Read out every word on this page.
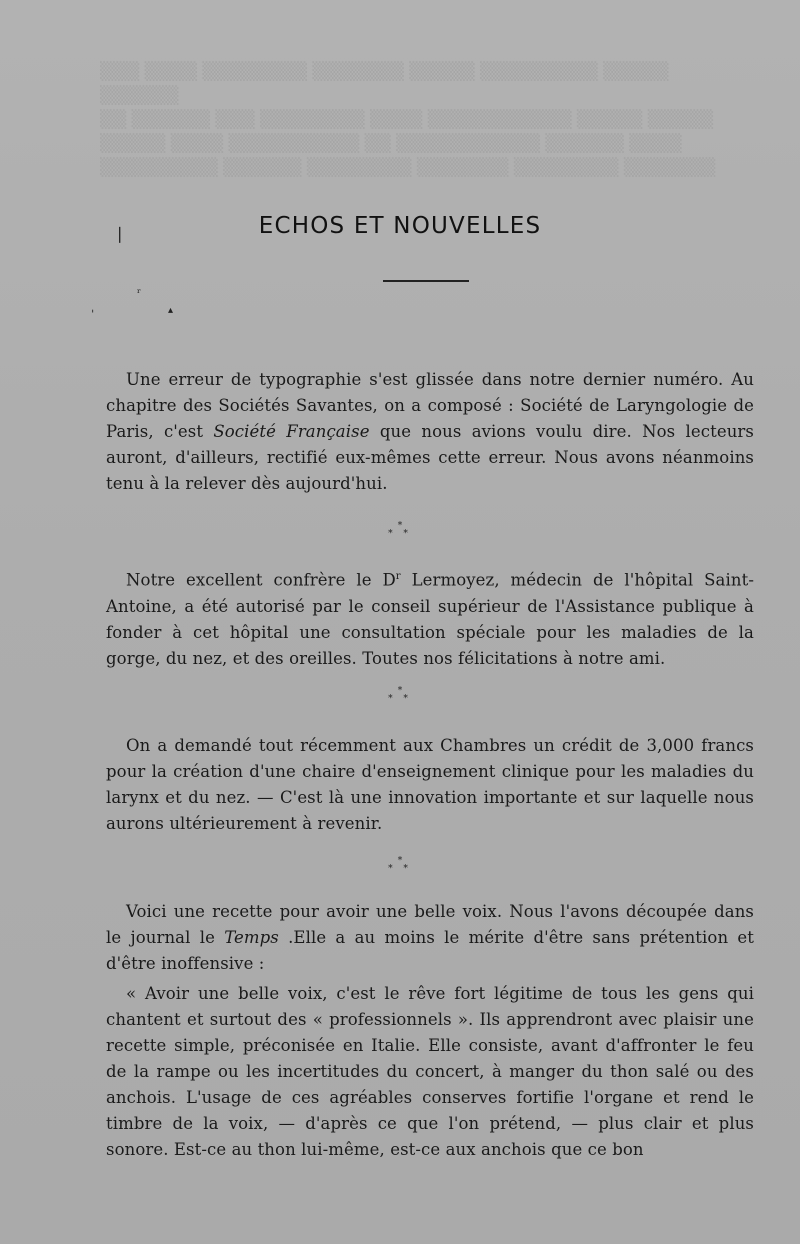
▒▒▒ ▒▒▒▒ ▒▒▒▒▒▒▒▒ ▒▒▒▒▒▒▒ ▒▒▒▒▒ ▒▒▒▒▒▒▒▒▒ ▒▒▒▒▒ ▒▒▒▒▒▒
▒▒ ▒▒▒▒▒▒ ▒▒▒ ▒▒▒▒▒▒▒▒ ▒▒▒▒ ▒▒▒▒▒▒▒▒▒▒▒ ▒▒▒▒▒ ▒▒▒▒▒
▒▒▒▒▒ ▒▒▒▒ ▒▒▒▒▒▒▒▒▒▒ ▒▒ ▒▒▒▒▒▒▒▒▒▒▒ ▒▒▒▒▒▒ ▒▒▒▒
▒▒▒▒▒▒▒▒▒ ▒▒▒▒▒▒ ▒▒▒▒▒▒▒▒ ▒▒▒▒▒▒▒ ▒▒▒▒▒▒▒▒ ▒▒▒▒▒▒▒
❘
ʳ
ˈ	▴
ECHOS ET NOUVELLES

Une erreur de typographie s'est glissée dans notre dernier numéro. Au chapitre des Sociétés Savantes, on a composé : Société de Laryngologie de Paris, c'est Société Française que nous avions voulu dire. Nos lecteurs auront, d'ailleurs, rectifié eux-mêmes cette erreur. Nous avons néanmoins tenu à la relever dès aujourd'hui.

*
* *

Notre excellent confrère le $D^r$ Lermoyez, médecin de l'hôpital Saint-Antoine, a été autorisé par le conseil supérieur de l'Assistance publique à fonder à cet hôpital une consultation spéciale pour les maladies de la gorge, du nez, et des oreilles. Toutes nos félicitations à notre ami.

*
* *

On a demandé tout récemment aux Chambres un crédit de 3,000 francs pour la création d'une chaire d'enseignement clinique pour les maladies du larynx et du nez. — C'est là une innovation importante et sur laquelle nous aurons ultérieurement à revenir.

*
* *

Voici une recette pour avoir une belle voix. Nous l'avons découpée dans le journal le Temps .Elle a au moins le mérite d'être sans prétention et d'être inoffensive :

« Avoir une belle voix, c'est le rêve fort légitime de tous les gens qui chantent et surtout des « professionnels ». Ils apprendront avec plaisir une recette simple, préconisée en Italie. Elle consiste, avant d'affronter le feu de la rampe ou les incertitudes du concert, à manger du thon salé ou des anchois. L'usage de ces agréables conserves fortifie l'organe et rend le timbre de la voix, — d'après ce que l'on prétend, — plus clair et plus sonore. Est-ce au thon lui-même, est-ce aux anchois que ce bon
